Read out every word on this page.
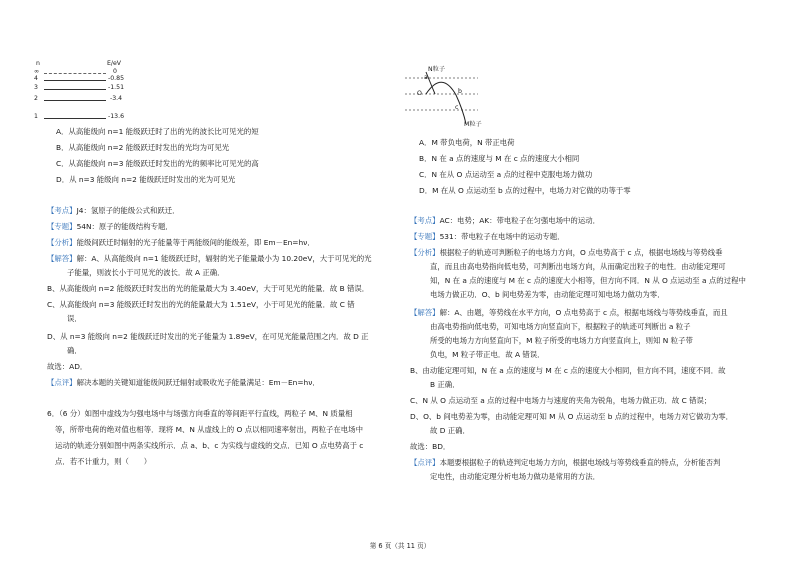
n	E/eV
∞	0
4	-0.85
3	-1.51
2	-3.4
1	-13.6
A．从高能级向 n=1 能级跃迁时了出的光的波长比可见光的短
B．从高能级向 n=2 能级跃迁时发出的光均为可见光
C．从高能级向 n=3 能级跃迁时发出的光的频率比可见光的高
D．从 n=3 能级向 n=2 能级跃迁时发出的光为可见光
【考点】J4：氢原子的能级公式和跃迁．
【专题】54N：原子的能级结构专题．
【分析】能级间跃迁时辐射的光子能量等于两能级间的能级差，即 Em－En=hν．
【解答】解：A、从高能级向 n=1 能级跃迁时，辐射的光子能量最小为 10.20eV，大于可见光的光
子能量，则波长小于可见光的波长．故 A 正确．
B、从高能级向 n=2 能级跃迁时发出的光的能量最大为 3.40eV，大于可见光的能量．故 B 错误．
C、从高能级向 n=3 能级跃迁时发出的光的能量最大为 1.51eV，小于可见光的能量．故 C 错
误．
D、从 n=3 能级向 n=2 能级跃迁时发出的光子能量为 1.89eV，在可见光能量范围之内．故 D 正
确．
故选：AD．
【点评】解决本题的关键知道能级间跃迁辐射或吸收光子能量满足：Em－En=hν．
6．（6 分）如图中虚线为匀强电场中与场强方向垂直的等间距平行直线，两粒子 M、N 质量相
等，所带电荷的绝对值也相等．现将 M、N 从虚线上的 O 点以相同速率射出，两粒子在电场中
运动的轨迹分别如图中两条实线所示．点 a、b、c 为实线与虚线的交点．已知 O 点电势高于 c
点．若不计重力，则（　　）
N粒子
O
a
b
c
M粒子
A．M 带负电荷，N 带正电荷
B．N 在 a 点的速度与 M 在 c 点的速度大小相同
C．N 在从 O 点运动至 a 点的过程中克服电场力做功
D．M 在从 O 点运动至 b 点的过程中，电场力对它做的功等于零
【考点】AC：电势；AK：带电粒子在匀强电场中的运动．
【专题】531：带电粒子在电场中的运动专题．
【分析】根据粒子的轨迹可判断粒子的电场力方向，O 点电势高于 c 点，根据电场线与等势线垂
直，而且由高电势指向低电势，可判断出电场方向，从而确定出粒子的电性．由动能定理可
知，N 在 a 点的速度与 M 在 c 点的速度大小相等，但方向不同．N 从 O 点运动至 a 点的过程中
电场力做正功．O、b 间电势差为零，由动能定理可知电场力做功为零．
【解答】解：A、由题，等势线在水平方向，O 点电势高于 c 点，根据电场线与等势线垂直，而且
由高电势指向低电势，可知电场方向竖直向下，根据粒子的轨迹可判断出 a 粒子
所受的电场力方向竖直向下，M 粒子所受的电场力方向竖直向上，则知 N 粒子带
负电，M 粒子带正电．故 A 错误．
B、由动能定理可知，N 在 a 点的速度与 M 在 c 点的速度大小相同，但方向不同，速度不同．故
B 正确．
C、N 从 O 点运动至 a 点的过程中电场力与速度的夹角为锐角，电场力做正功．故 C 错误；
D、O、b 间电势差为零，由动能定理可知 M 从 O 点运动至 b 点的过程中，电场力对它做功为零．
故 D 正确．
故选：BD．
【点评】本题要根据粒子的轨迹判定电场力方向，根据电场线与等势线垂直的特点，分析能否判
定电性，由动能定理分析电场力做功是常用的方法．
第 6 页（共 11 页）
